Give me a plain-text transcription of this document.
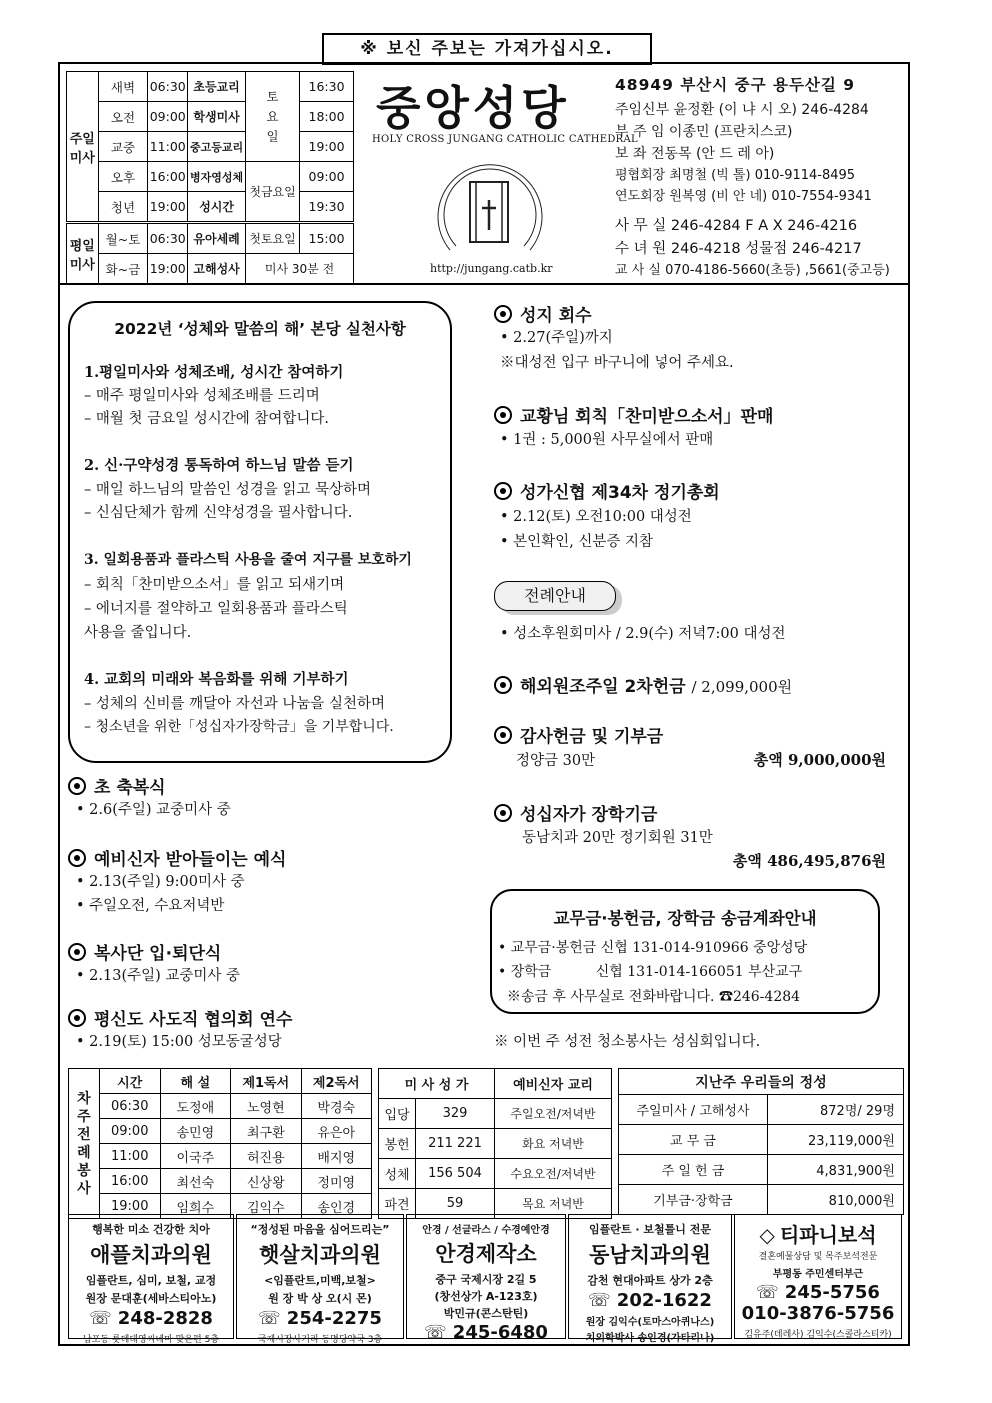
※ 보신 주보는 가져가십시오.
주일 미사	새벽	06:30	초등교리	토 요 일	16:30
	오전	09:00	학생미사		18:00
	교중	11:00	중고등교리		19:00
	오후	16:00	병자영성체	첫금요일	09:00
	청년	19:00	성시간		19:30
평일 미사	월~토	06:30	유아세례	첫토요일	15:00
	화~금	19:00	고해성사	미사 30분 전	
중앙성당
HOLY CROSS JUNGANG CATHOLIC CATHEDRAL
http://jungang.catb.kr
48949 부산시 중구 용두산길 9
주임신부 윤정환 (이 냐 시 오) 246-4284
부 주 임 이종민 (프란치스코)
보 좌 전동목 (안 드 레 아)
평협회장 최명철 (빅 톨) 010-9114-8495
연도회장 원복영 (비 안 네) 010-7554-9341
사 무 실 246-4284 F A X 246-4216
수 녀 원 246-4218 성물점 246-4217
교 사 실 070-4186-5660(초등) ,5661(중고등)
2022년 ‘성체와 말씀의 해’ 본당 실천사항
1.평일미사와 성체조배, 성시간 참여하기
– 매주 평일미사와 성체조배를 드리며
– 매월 첫 금요일 성시간에 참여합니다.
2. 신·구약성경 통독하여 하느님 말씀 듣기
– 매일 하느님의 말씀인 성경을 읽고 묵상하며
– 신심단체가 함께 신약성경을 필사합니다.
3. 일회용품과 플라스틱 사용을 줄여 지구를 보호하기
– 회칙「찬미받으소서」를 읽고 되새기며
– 에너지를 절약하고 일회용품과 플라스틱
사용을 줄입니다.
4. 교회의 미래와 복음화를 위해 기부하기
– 성체의 신비를 깨달아 자선과 나눔을 실천하며
– 청소년을 위한「성십자가장학금」을 기부합니다.
초 축복식
• 2.6(주일) 교중미사 중
예비신자 받아들이는 예식
• 2.13(주일) 9:00미사 중
• 주일오전, 수요저녁반
복사단 입·퇴단식
• 2.13(주일) 교중미사 중
평신도 사도직 협의회 연수
• 2.19(토) 15:00 성모동굴성당
성지 회수
• 2.27(주일)까지
※대성전 입구 바구니에 넣어 주세요.
교황님 회칙「찬미받으소서」판매
• 1권 : 5,000원 사무실에서 판매
성가신협 제34차 정기총회
• 2.12(토) 오전10:00 대성전
• 본인확인, 신분증 지참
전례안내
• 성소후원회미사 / 2.9(수) 저녁7:00 대성전
해외원조주일 2차헌금 / 2,099,000원
감사헌금 및 기부금
정양금 30만	총액 9,000,000원
성십자가 장학기금
동남치과 20만 정기회원 31만
총액 486,495,876원
교무금·봉헌금, 장학금 송금계좌안내
• 교무금·봉헌금 신협 131-014-910966 중앙성당
• 장학금          신협 131-014-166051 부산교구
※송금 후 사무실로 전화바랍니다. ☎246-4284
※ 이번 주 성전 청소봉사는 성심회입니다.
차 주 전 례 봉 사	시간	해 설	제1독서	제2독서
	06:30	도정애	노영현	박경숙
	09:00	송민영	최구환	유은아
	11:00	이국주	허진용	배지영
	16:00	최선숙	신상왕	정미영
	19:00	임희수	김익수	송인경
미 사 성 가		예비신자 교리
입당	329	주일오전/저녁반
봉헌	211 221	화요 저녁반
성체	156 504	수요오전/저녁반
파견	59	목요 저녁반
지난주 우리들의 정성	
주일미사 / 고해성사	872명/ 29명
교 무 금	23,119,000원
주 일 헌 금	4,831,900원
기부금·장학금	810,000원
행복한 미소 건강한 치아
애플치과의원
임플란트, 심미, 보철, 교정
원장 문대훈(세바스티아노)
☏ 248-2828
남포동 롯데대영씨네마 맞은편 5층
“정성된 마음을 심어드리는”
햇살치과의원
<임플란트,미백,보철>
원 장 박 상 오(시 몬)
☏ 254-2275
국제시장사거리 동명당약국 3층
안경 / 선글라스 / 수경예안경
안경제작소
중구 국제시장 2길 5
(창선상가 A-123호)
박민규(콘스탄틴)
☏ 245-6480
임플란트 · 보철틀니 전문
동남치과의원
감천 현대아파트 상가 2층
☏ 202-1622
원장 김익수(토마스아퀴나스)
치의학박사 송인경(가타리나)
◇ 티파니보석
결혼예물상담 및 목주보석전문
부평동 주민센터부근
☏ 245-5756
010-3876-5756
김유주(데레사) 김익수(스콜라스티카)
